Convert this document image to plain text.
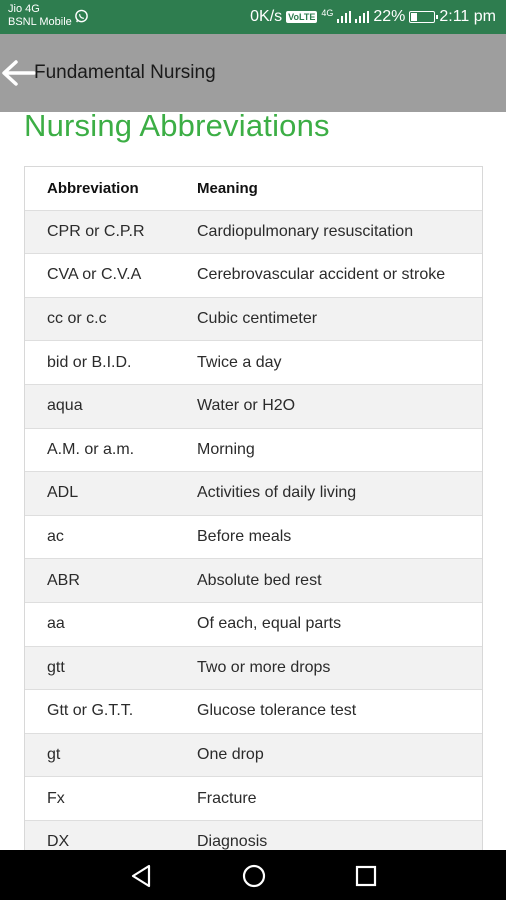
Jio 4G
BSNL Mobile	0K/s VoLTE 4G	22% 2:11 pm
Fundamental Nursing
Nursing Abbreviations
Abbreviation	Meaning
CPR or C.P.R	Cardiopulmonary resuscitation
CVA or C.V.A	Cerebrovascular accident or stroke
cc or c.c	Cubic centimeter
bid or B.I.D.	Twice a day
aqua	Water or H2O
A.M. or a.m.	Morning
ADL	Activities of daily living
ac	Before meals
ABR	Absolute bed rest
aa	Of each, equal parts
gtt	Two or more drops
Gtt or G.T.T.	Glucose tolerance test
gt	One drop
Fx	Fracture
DX	Diagnosis
